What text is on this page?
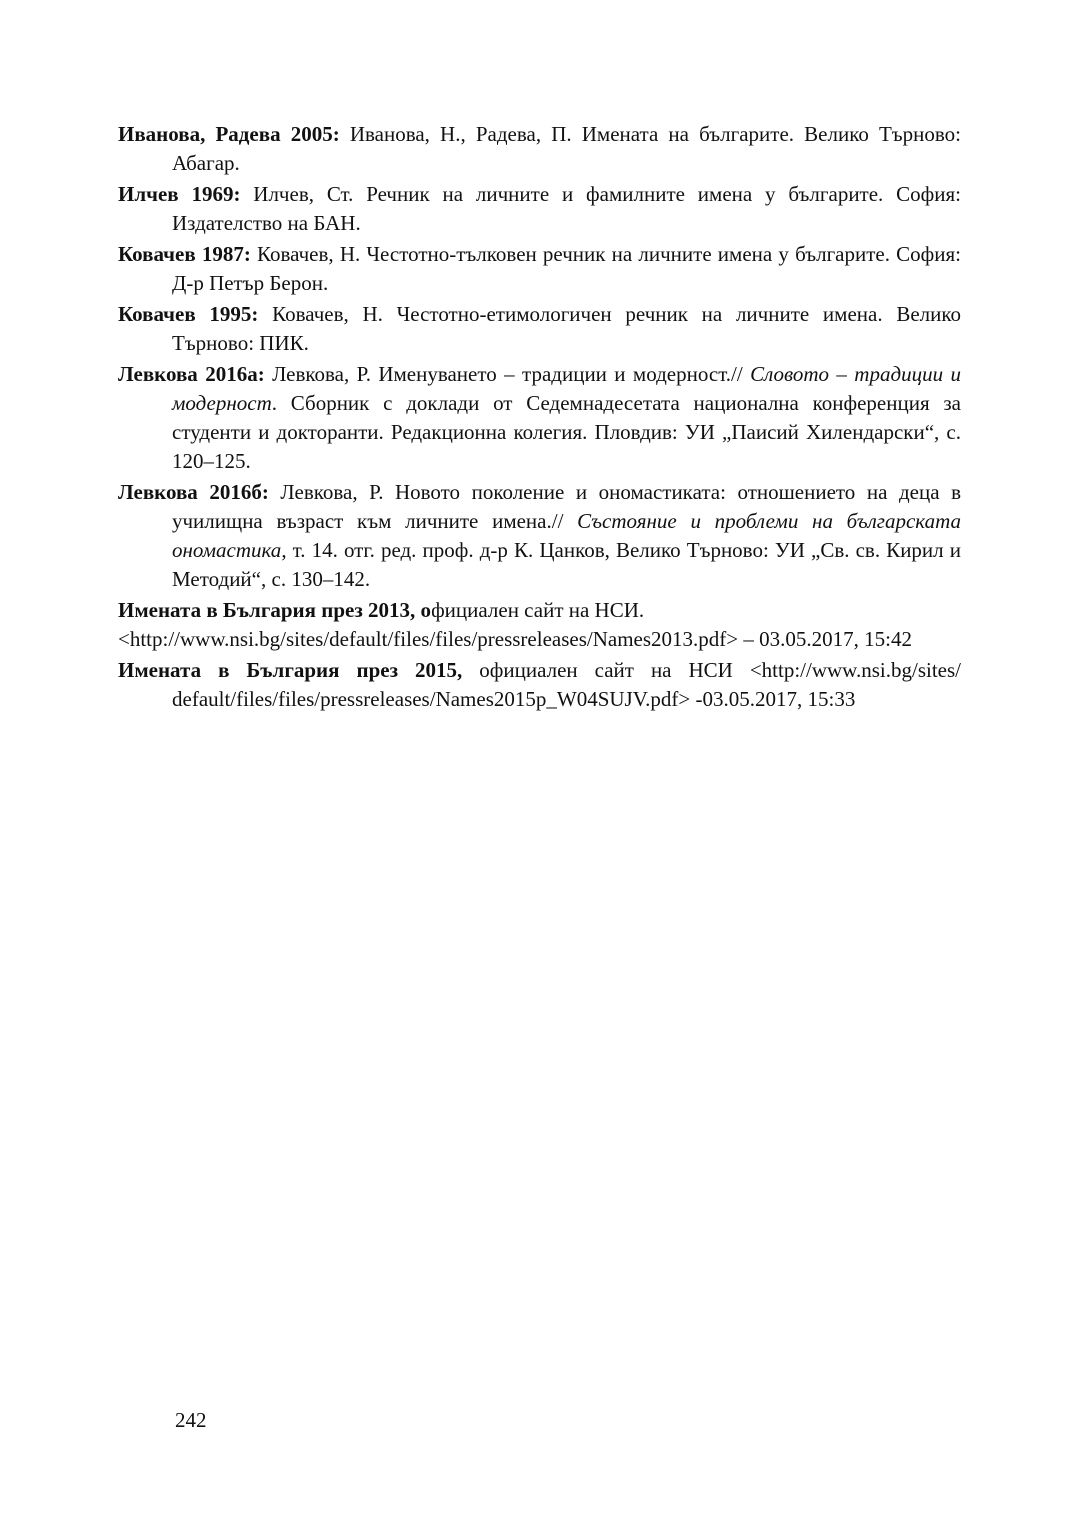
Иванова, Радева 2005: Иванова, Н., Радева, П. Имената на българите. Велико Търново: Абагар.

Илчев 1969: Илчев, Ст. Речник на личните и фамилните имена у българите. София: Издателство на БАН.

Ковачев 1987: Ковачев, Н. Честотно-тълковен речник на личните имена у българите. София: Д-р Петър Берон.

Ковачев 1995: Ковачев, Н. Честотно-етимологичен речник на личните имена. Велико Търново: ПИК.

Левкова 2016а: Левкова, Р. Именуването – традиции и модерност.// Словото – традиции и модерност. Сборник с доклади от Седемнадесетата национална конференция за студенти и докторанти. Редакционна колегия. Пловдив: УИ „Паисий Хилендарски“, с. 120–125.

Левкова 2016б: Левкова, Р. Новото поколение и ономастиката: отношението на деца в училищна възраст към личните имена.// Състояние и проблеми на българската ономастика, т. 14. отг. ред. проф. д-р К. Цанков, Велико Търново: УИ „Св. св. Кирил и Методий“, с. 130–142.

Имената в България през 2013, официален сайт на НСИ.

<http://www.nsi.bg/sites/default/files/files/pressreleases/Names2013.pdf> – 03.05.2017, 15:42

Имената в България през 2015, официален сайт на НСИ <http://www.nsi.bg/sites/ default/files/files/pressreleases/Names2015p_W04SUJV.pdf> -03.05.2017, 15:33

242
